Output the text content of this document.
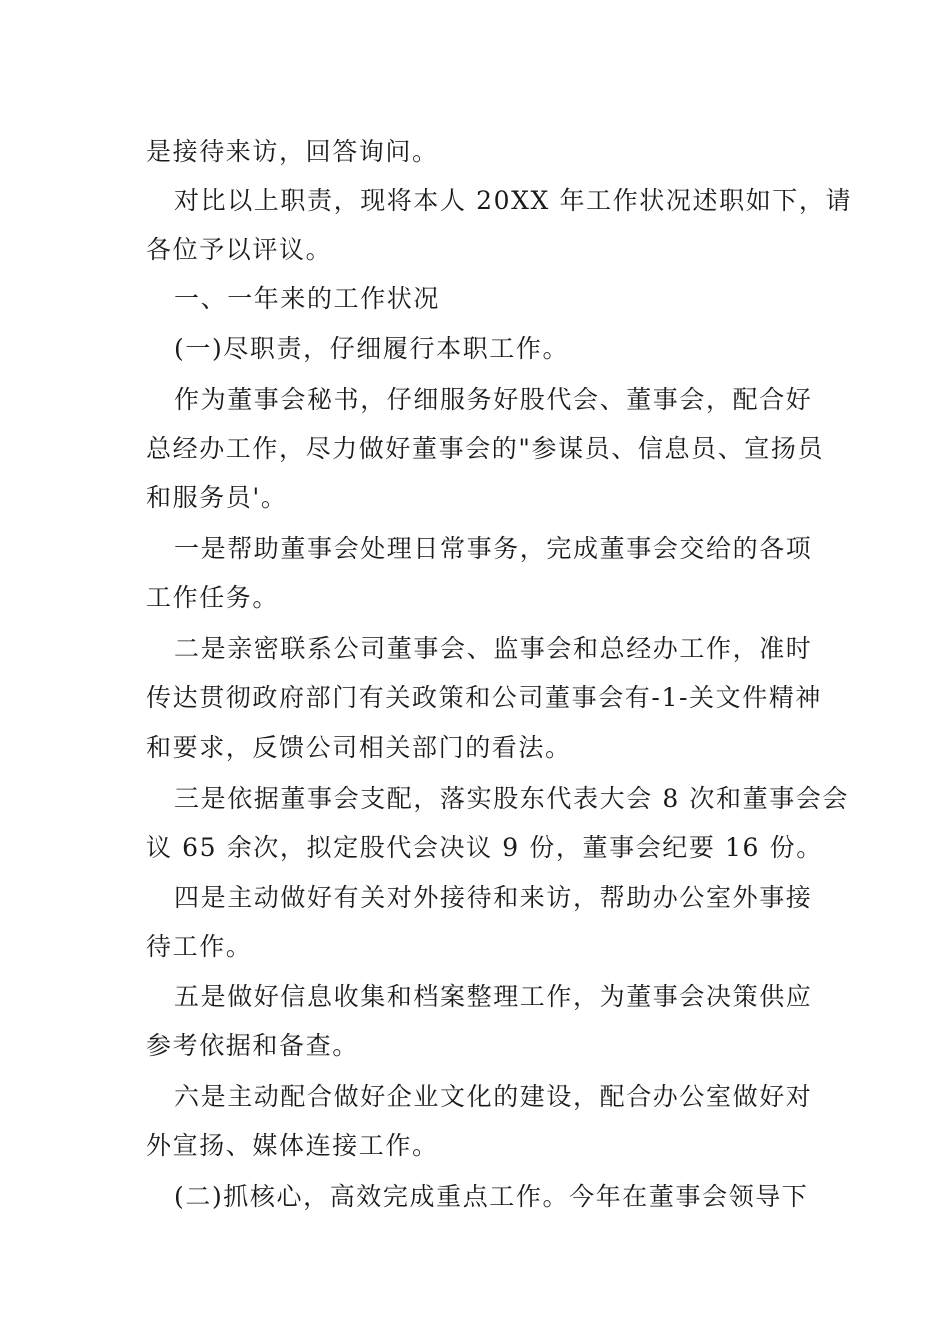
是接待来访，回答询问。
对比以上职责，现将本人 20XX 年工作状况述职如下，请
各位予以评议。
一、一年来的工作状况
(一)尽职责，仔细履行本职工作。
作为董事会秘书，仔细服务好股代会、董事会，配合好
总经办工作，尽力做好董事会的"参谋员、信息员、宣扬员
和服务员'。
一是帮助董事会处理日常事务，完成董事会交给的各项
工作任务。
二是亲密联系公司董事会、监事会和总经办工作，准时
传达贯彻政府部门有关政策和公司董事会有-1-关文件精神
和要求，反馈公司相关部门的看法。
三是依据董事会支配，落实股东代表大会 8 次和董事会会
议 65 余次，拟定股代会决议 9 份，董事会纪要 16 份。
四是主动做好有关对外接待和来访，帮助办公室外事接
待工作。
五是做好信息收集和档案整理工作，为董事会决策供应
参考依据和备查。
六是主动配合做好企业文化的建设，配合办公室做好对
外宣扬、媒体连接工作。
(二)抓核心，高效完成重点工作。今年在董事会领导下
